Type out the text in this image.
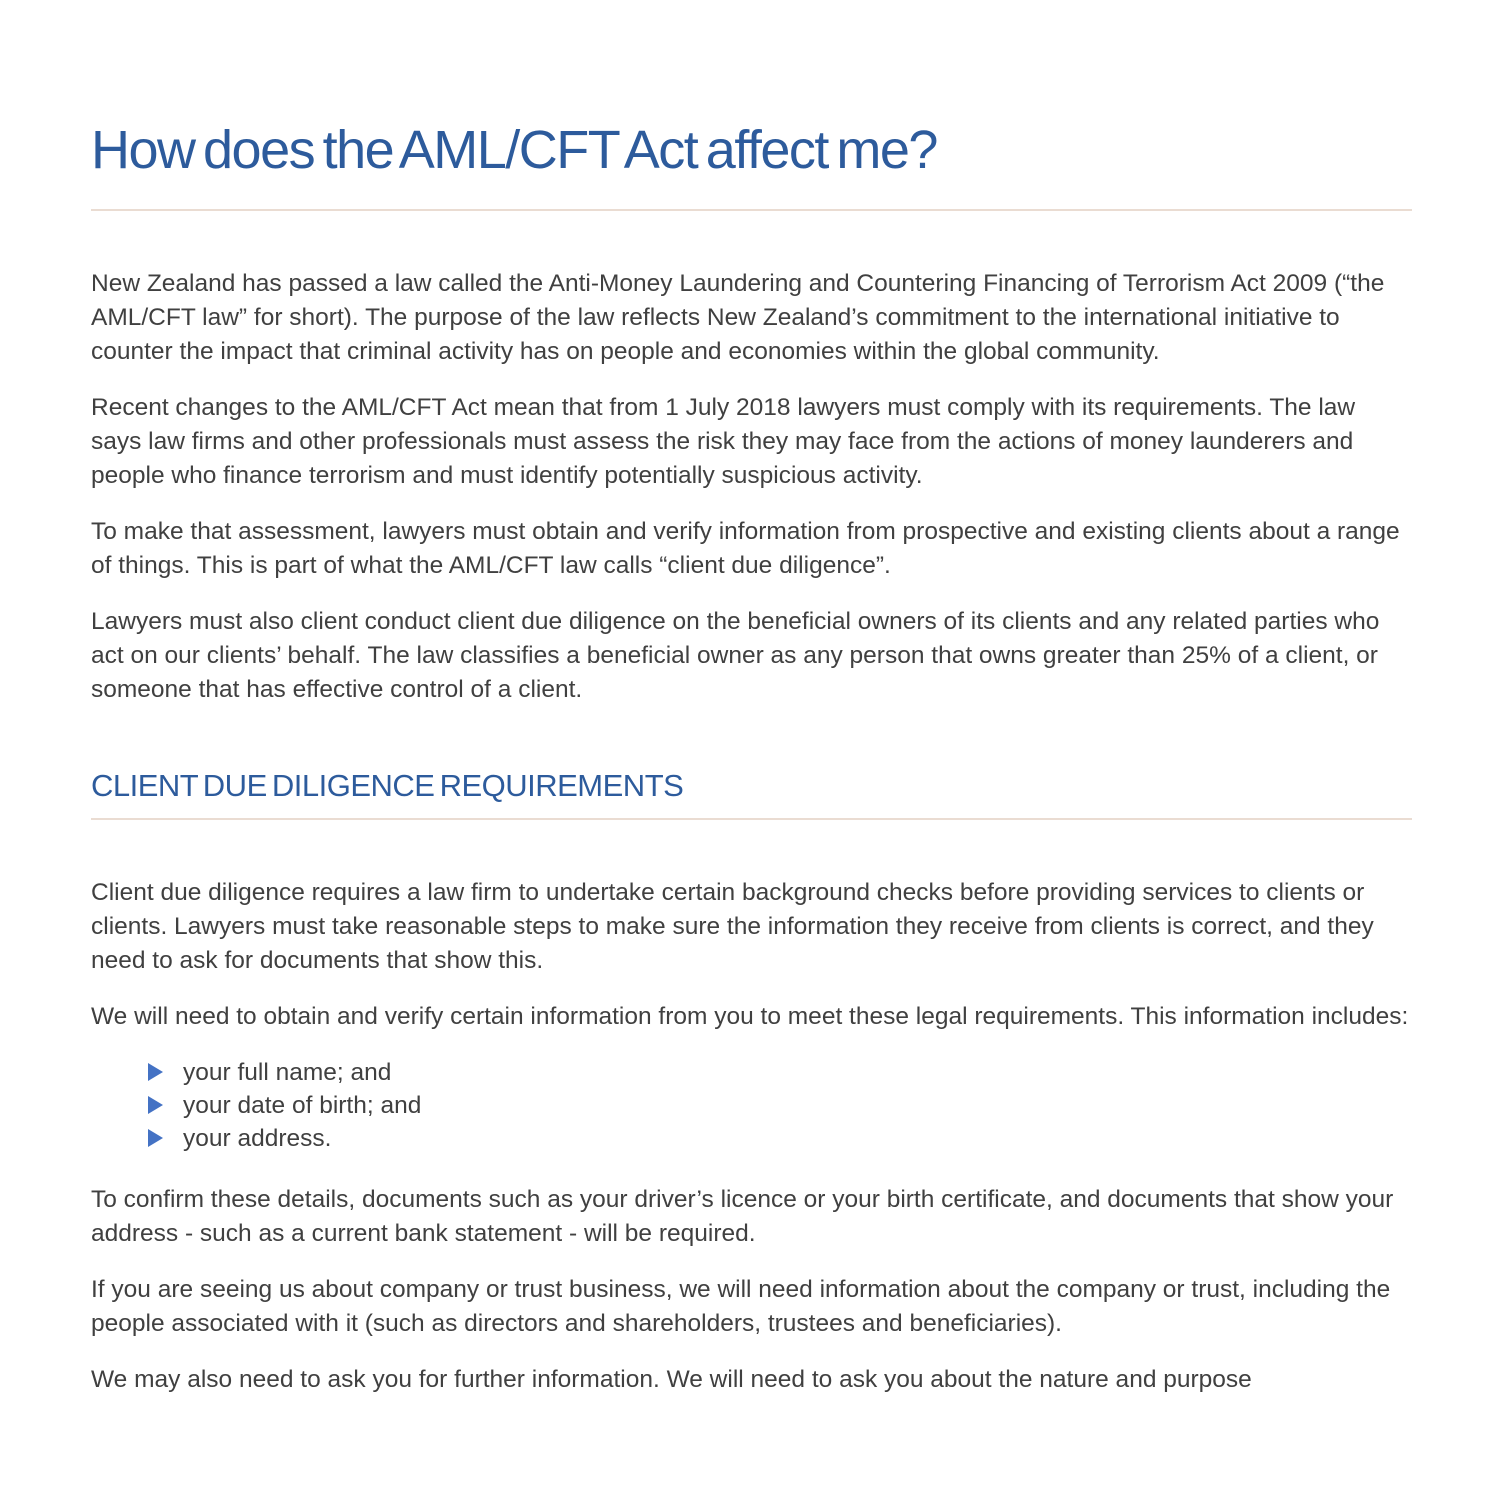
How does the AML/CFT Act affect me?

New Zealand has passed a law called the Anti-Money Laundering and Countering Financing of Terrorism Act 2009 (“the AML/CFT law” for short). The purpose of the law reflects New Zealand’s commitment to the international initiative to counter the impact that criminal activity has on people and economies within the global community.

Recent changes to the AML/CFT Act mean that from 1 July 2018 lawyers must comply with its requirements. The law says law firms and other professionals must assess the risk they may face from the actions of money launderers and people who finance terrorism and must identify potentially suspicious activity.

To make that assessment, lawyers must obtain and verify information from prospective and existing clients about a range of things. This is part of what the AML/CFT law calls “client due diligence”.

Lawyers must also client conduct client due diligence on the beneficial owners of its clients and any related parties who act on our clients’ behalf. The law classifies a beneficial owner as any person that owns greater than 25% of a client, or someone that has effective control of a client.

CLIENT DUE DILIGENCE REQUIREMENTS

Client due diligence requires a law firm to undertake certain background checks before providing services to clients or clients. Lawyers must take reasonable steps to make sure the information they receive from clients is correct, and they need to ask for documents that show this.

We will need to obtain and verify certain information from you to meet these legal requirements. This information includes:

your full name; and
your date of birth; and
your address.

To confirm these details, documents such as your driver’s licence or your birth certificate, and documents that show your address - such as a current bank statement - will be required.

If you are seeing us about company or trust business, we will need information about the company or trust, including the people associated with it (such as directors and shareholders, trustees and beneficiaries).

We may also need to ask you for further information. We will need to ask you about the nature and purpose
